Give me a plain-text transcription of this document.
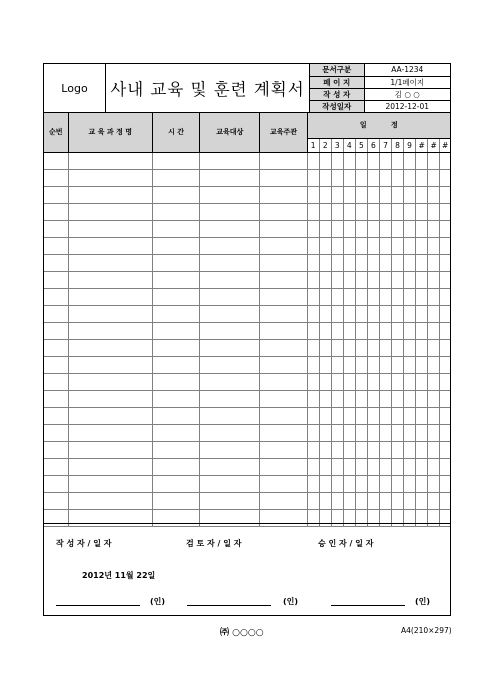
Logo	사내 교육 및 훈련 계획서
문서구분	AA-1234
페 이 지	1/1페이지
작 성 자	김 ○ ○
작성일자	2012-12-01
순번	교 육 과 정 명	시 간	교육대상	교육주관	일          정											
					1	2	3	4	5	6	7	8	9	#	#	#

작 성 자 / 일 자	검 토 자 / 일 자	승 인 자 / 일 자
2012년 11월 22일
(인)	(인)	(인)
㈜ ○○○○	A4(210×297)
